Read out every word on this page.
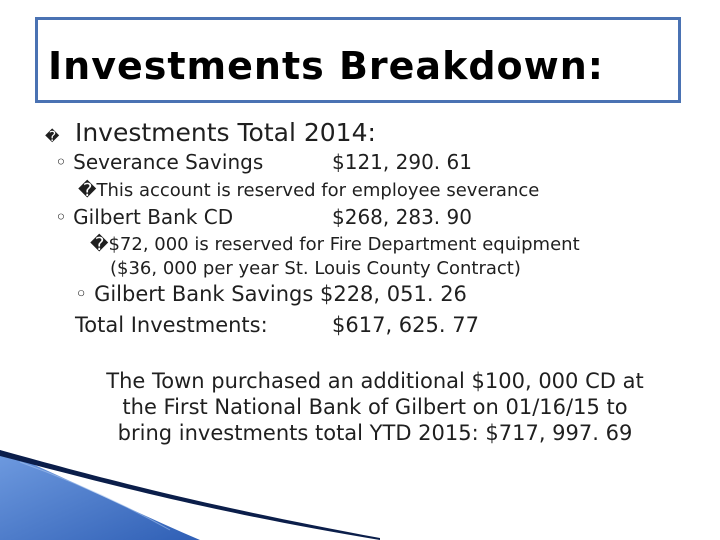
Investments Breakdown:
� Investments Total 2014:
◦ Severance Savings	$121, 290. 61
�This account is reserved for employee severance
◦ Gilbert Bank CD	$268, 283. 90
�$72, 000 is reserved for Fire Department equipment
($36, 000 per year St. Louis County Contract)
◦ Gilbert Bank Savings $228, 051. 26
Total Investments:	$617, 625. 77
The Town purchased an additional $100, 000 CD at
the First National Bank of Gilbert on 01/16/15 to
bring investments total YTD 2015: $717, 997. 69
